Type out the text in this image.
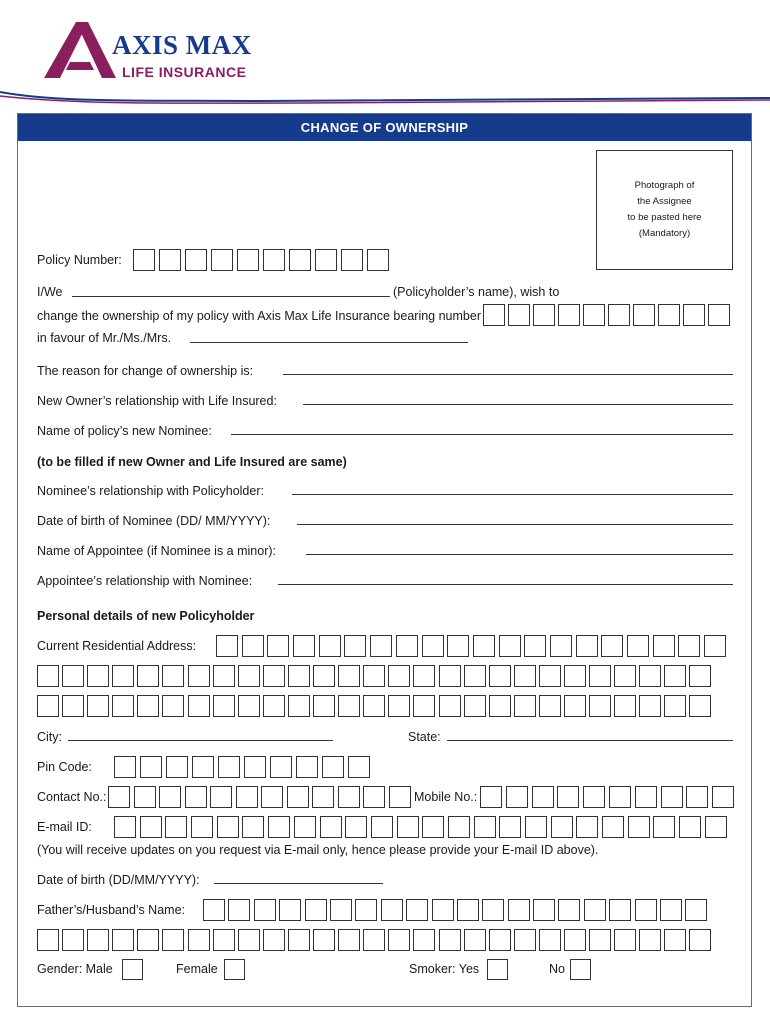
AXIS MAX
LIFE INSURANCE
CHANGE OF OWNERSHIP
Photograph of
the Assignee
to be pasted here
(Mandatory)
Policy Number:
I/We	(Policyholder’s name), wish to
change the ownership of my policy with Axis Max Life Insurance bearing number
in favour of Mr./Ms./Mrs.
The reason for change of ownership is:
New Owner’s relationship with Life Insured:
Name of policy’s new Nominee:
(to be filled if new Owner and Life Insured are same)
Nominee’s relationship with Policyholder:
Date of birth of Nominee (DD/ MM/YYYY):
Name of Appointee (if Nominee is a minor):
Appointee’s relationship with Nominee:
Personal details of new Policyholder
Current Residential Address:
City:	State:
Pin Code:
Contact No.:	Mobile No.:
E-mail ID:
(You will receive updates on you request via E-mail only, hence please provide your E-mail ID above).
Date of birth (DD/MM/YYYY):
Father’s/Husband’s Name:
Gender: Male	Female	Smoker: Yes	No
